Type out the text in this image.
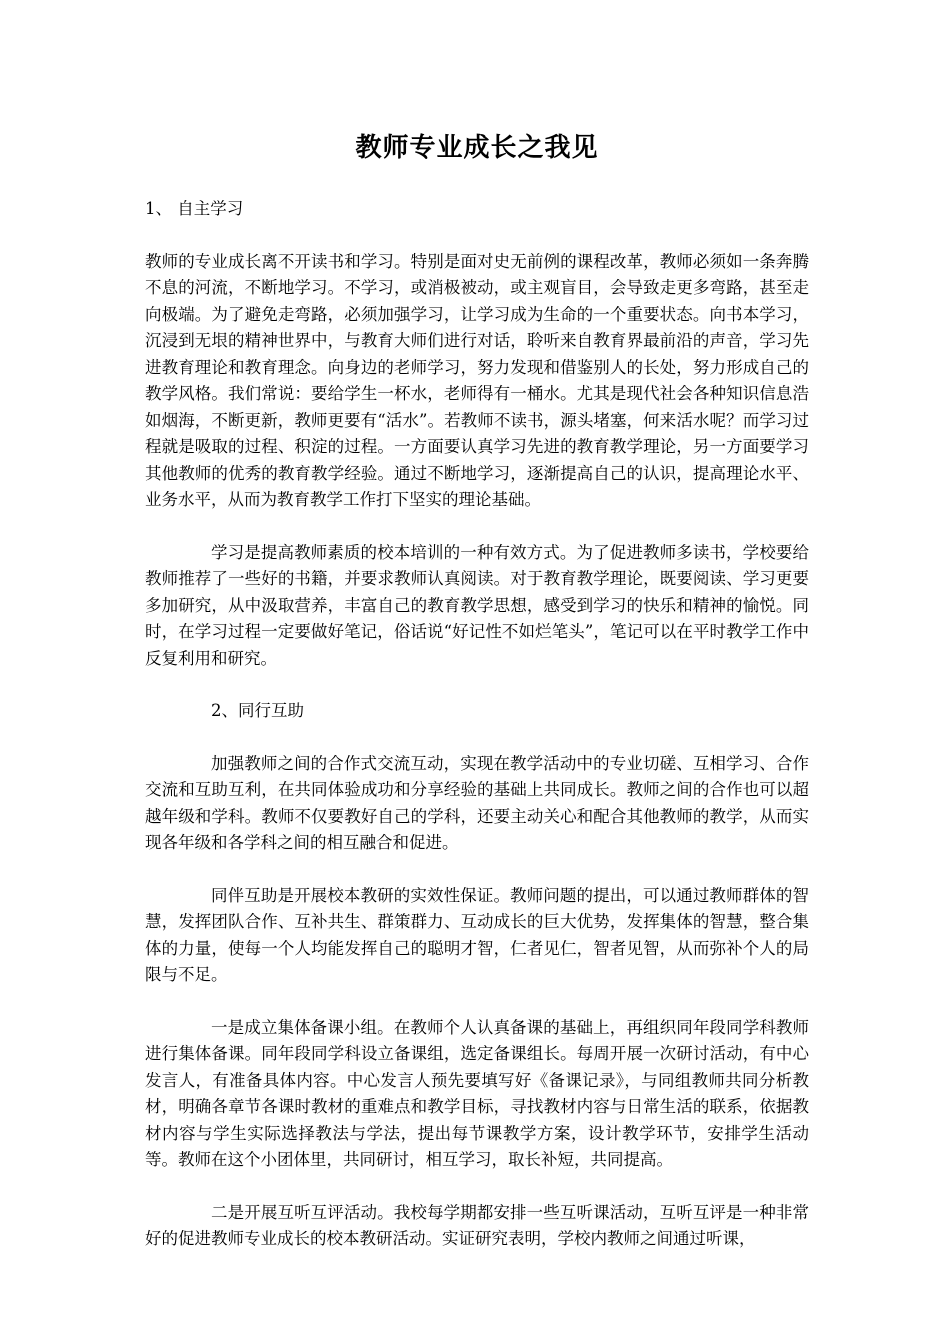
教师专业成长之我见

1、 自主学习

教师的专业成长离不开读书和学习。特别是面对史无前例的课程改革，教师必须如一条奔腾不息的河流，不断地学习。不学习，或消极被动，或主观盲目，会导致走更多弯路，甚至走向极端。为了避免走弯路，必须加强学习，让学习成为生命的一个重要状态。向书本学习，沉浸到无垠的精神世界中，与教育大师们进行对话，聆听来自教育界最前沿的声音，学习先进教育理论和教育理念。向身边的老师学习，努力发现和借鉴别人的长处，努力形成自己的教学风格。我们常说：要给学生一杯水，老师得有一桶水。尤其是现代社会各种知识信息浩如烟海，不断更新，教师更要有“活水”。若教师不读书，源头堵塞，何来活水呢？而学习过程就是吸取的过程、积淀的过程。一方面要认真学习先进的教育教学理论，另一方面要学习其他教师的优秀的教育教学经验。通过不断地学习，逐渐提高自己的认识，提高理论水平、业务水平，从而为教育教学工作打下坚实的理论基础。

学习是提高教师素质的校本培训的一种有效方式。为了促进教师多读书，学校要给教师推荐了一些好的书籍，并要求教师认真阅读。对于教育教学理论，既要阅读、学习更要多加研究，从中汲取营养，丰富自己的教育教学思想，感受到学习的快乐和精神的愉悦。同时，在学习过程一定要做好笔记，俗话说“好记性不如烂笔头”，笔记可以在平时教学工作中反复利用和研究。

2、同行互助

加强教师之间的合作式交流互动，实现在教学活动中的专业切磋、互相学习、合作交流和互助互利，在共同体验成功和分享经验的基础上共同成长。教师之间的合作也可以超越年级和学科。教师不仅要教好自己的学科，还要主动关心和配合其他教师的教学，从而实现各年级和各学科之间的相互融合和促进。

同伴互助是开展校本教研的实效性保证。教师问题的提出，可以通过教师群体的智慧，发挥团队合作、互补共生、群策群力、互动成长的巨大优势，发挥集体的智慧，整合集体的力量，使每一个人均能发挥自己的聪明才智，仁者见仁，智者见智，从而弥补个人的局限与不足。

一是成立集体备课小组。在教师个人认真备课的基础上，再组织同年段同学科教师进行集体备课。同年段同学科设立备课组，选定备课组长。每周开展一次研讨活动，有中心发言人，有准备具体内容。中心发言人预先要填写好《备课记录》，与同组教师共同分析教材，明确各章节各课时教材的重难点和教学目标，寻找教材内容与日常生活的联系，依据教材内容与学生实际选择教法与学法，提出每节课教学方案，设计教学环节，安排学生活动等。教师在这个小团体里，共同研讨，相互学习，取长补短，共同提高。

二是开展互听互评活动。我校每学期都安排一些互听课活动，互听互评是一种非常好的促进教师专业成长的校本教研活动。实证研究表明，学校内教师之间通过听课，
